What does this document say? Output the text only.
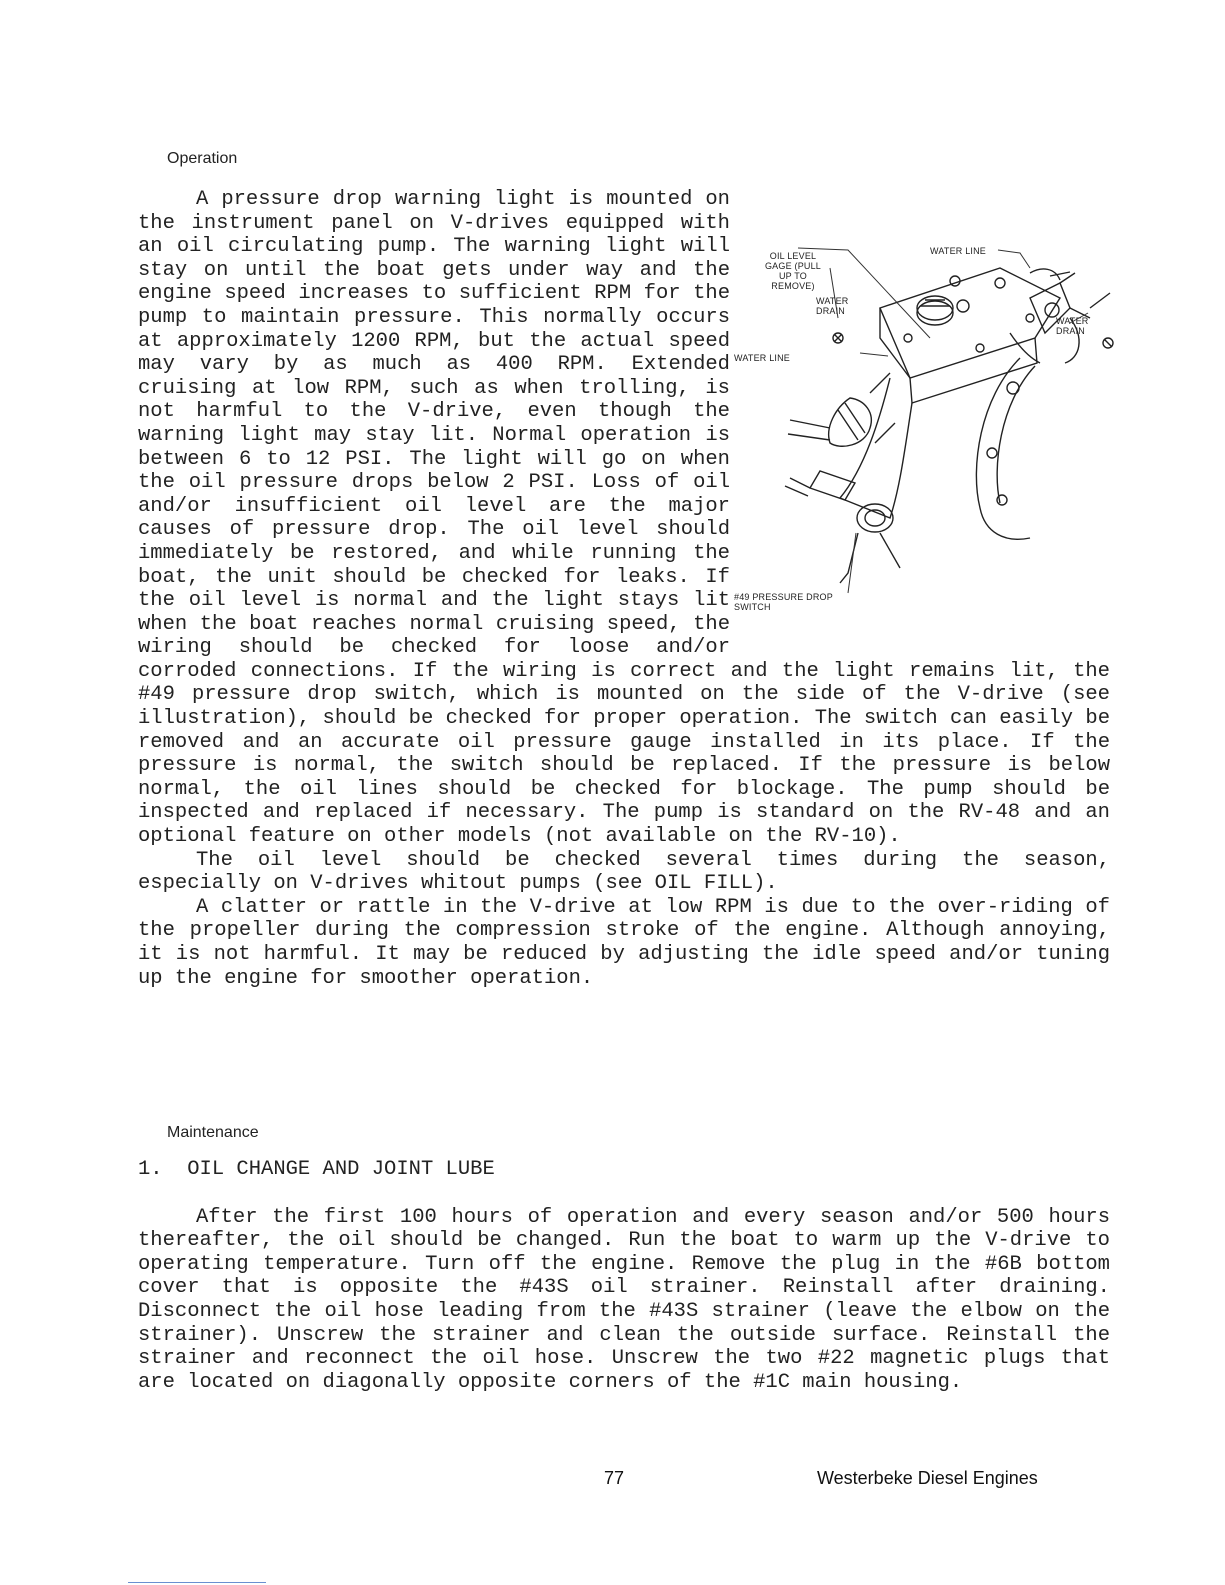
Operation
OIL LEVEL GAGE (PULL UP TO REMOVE)
WATER LINE
WATER DRAIN
WATER DRAIN
WATER LINE
#49 PRESSURE DROP SWITCH

A pressure drop warning light is mounted on the instrument panel on V-drives equipped with an oil circulating pump. The warning light will stay on until the boat gets under way and the engine speed increases to sufficient RPM for the pump to maintain pressure. This normally occurs at approximately 1200 RPM, but the actual speed may vary by as much as 400 RPM. Extended cruising at low RPM, such as when trolling, is not harmful to the V-drive, even though the warning light may stay lit. Normal operation is between 6 to 12 PSI. The light will go on when the oil pressure drops below 2 PSI. Loss of oil and/or insufficient oil level are the major causes of pressure drop. The oil level should immediately be restored, and while running the boat, the unit should be checked for leaks. If the oil level is normal and the light stays lit when the boat reaches normal cruising speed, the wiring should be checked for loose and/or corroded connections. If the wiring is correct and the light remains lit, the #49 pressure drop switch, which is mounted on the side of the V-drive (see illustration), should be checked for proper operation. The switch can easily be removed and an accurate oil pressure gauge installed in its place. If the pressure is normal, the switch should be replaced. If the pressure is below normal, the oil lines should be checked for blockage. The pump should be inspected and replaced if necessary. The pump is standard on the RV-48 and an optional feature on other models (not available on the RV-10).

The oil level should be checked several times during the season, especially on V-drives whitout pumps (see OIL FILL).

A clatter or rattle in the V-drive at low RPM is due to the over-riding of the propeller during the compression stroke of the engine. Although annoying, it is not harmful. It may be reduced by adjusting the idle speed and/or tuning up the engine for smoother operation.

Maintenance

1. OIL CHANGE AND JOINT LUBE

After the first 100 hours of operation and every season and/or 500 hours thereafter, the oil should be changed. Run the boat to warm up the V-drive to operating temperature. Turn off the engine. Remove the plug in the #6B bottom cover that is opposite the #43S oil strainer. Reinstall after draining. Disconnect the oil hose leading from the #43S strainer (leave the elbow on the strainer). Unscrew the strainer and clean the outside surface. Reinstall the strainer and reconnect the oil hose. Unscrew the two #22 magnetic plugs that are located on diagonally opposite corners of the #1C main housing.

77	Westerbeke Diesel Engines
